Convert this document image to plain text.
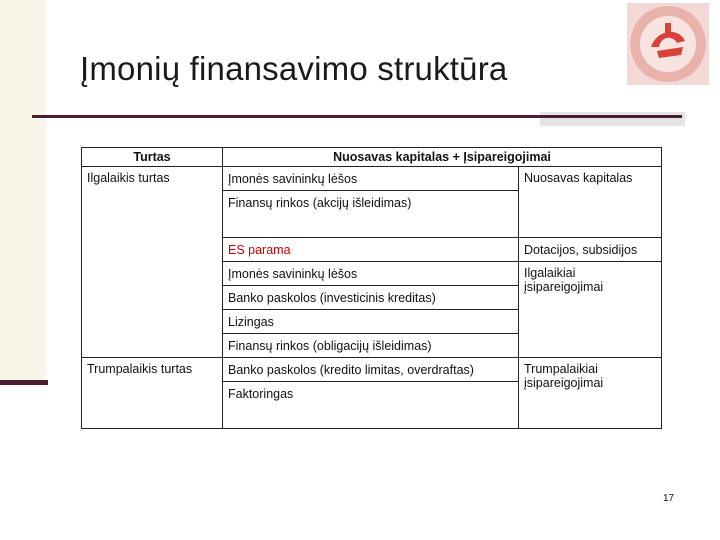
Įmonių finansavimo struktūra
Turtas	Nuosavas kapitalas + Įsipareigojimai	
Ilgalaikis turtas	Įmonės savininkų lėšos	Nuosavas kapitalas
	Finansų rinkos (akcijų išleidimas)	

	ES parama	Dotacijos, subsidijos
	Įmonės savininkų lėšos	Ilgalaikiai įsipareigojimai
	Banko paskolos (investicinis kreditas)	
	Lizingas	
	Finansų rinkos (obligacijų išleidimas)	
Trumpalaikis turtas	Banko paskolos (kredito limitas, overdraftas)	Trumpalaikiai įsipareigojimai
	Faktoringas	

17
